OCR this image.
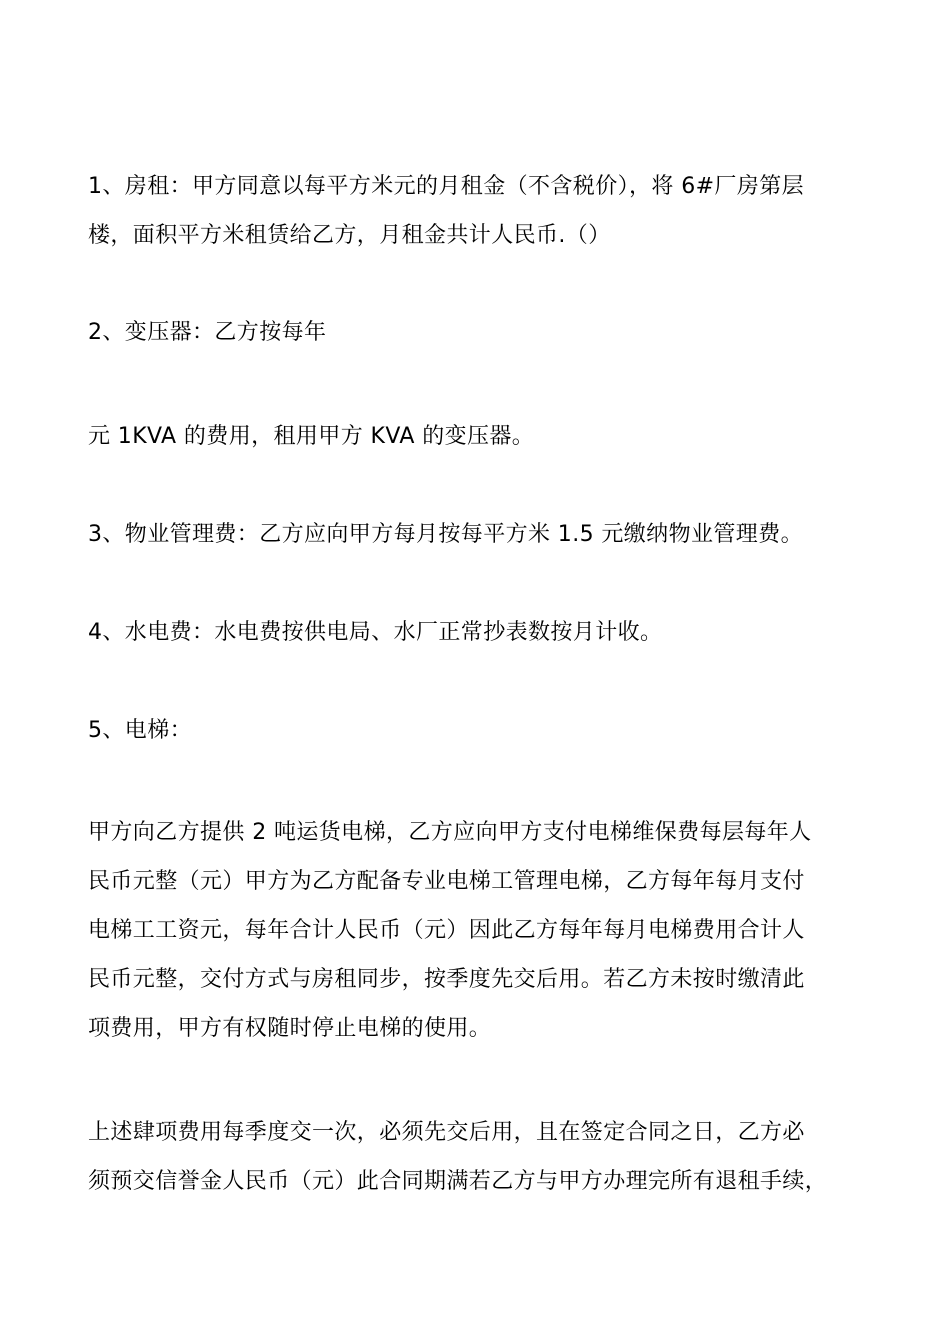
1、房租：甲方同意以每平方米元的月租金（不含税价），将 6#厂房第层
楼，面积平方米租赁给乙方，月租金共计人民币.（）

2、变压器：乙方按每年

元 1KVA 的费用，租用甲方 KVA 的变压器。

3、物业管理费：乙方应向甲方每月按每平方米 1.5 元缴纳物业管理费。

4、水电费：水电费按供电局、水厂正常抄表数按月计收。

5、电梯：

甲方向乙方提供 2 吨运货电梯，乙方应向甲方支付电梯维保费每层每年人
民币元整（元）甲方为乙方配备专业电梯工管理电梯，乙方每年每月支付
电梯工工资元，每年合计人民币（元）因此乙方每年每月电梯费用合计人
民币元整，交付方式与房租同步，按季度先交后用。若乙方未按时缴清此
项费用，甲方有权随时停止电梯的使用。

上述肆项费用每季度交一次，必须先交后用，且在签定合同之日，乙方必
须预交信誉金人民币（元）此合同期满若乙方与甲方办理完所有退租手续，
